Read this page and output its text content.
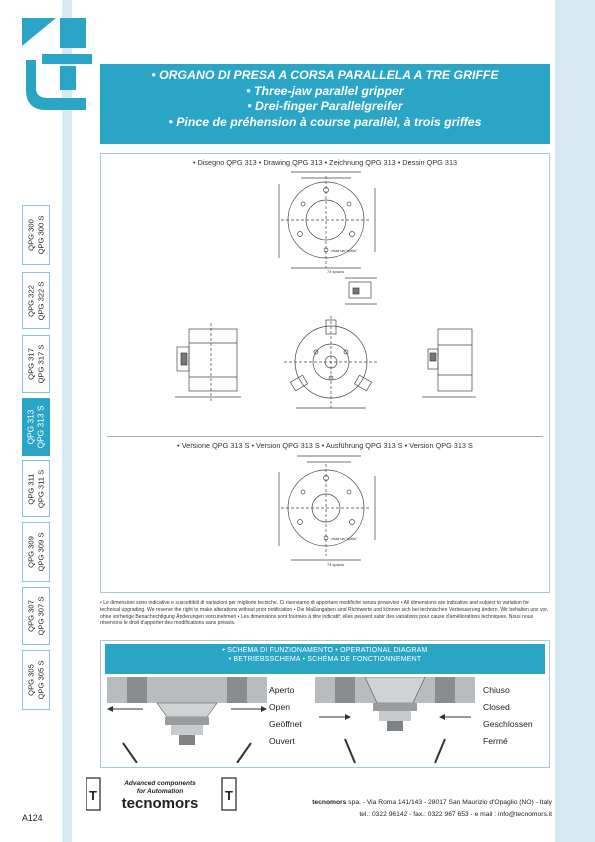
• ORGANO DI PRESA A CORSA PARALLELA A TRE GRIFFE
• Three-jaw parallel gripper
• Drei-finger Parallelgreifer
• Pince de préhension à course parallèl, à trois griffes
QPG 300 QPG 300 S
QPG 322 QPG 322 S
QPG 317 QPG 317 S
QPG 313 QPG 313 S
QPG 311 QPG 311 S
QPG 309 QPG 309 S
QPG 307 QPG 307 S
QPG 305 QPG 305 S
• Disegno QPG 313 • Drawing QPG 313 • Zeichnung QPG 313 • Dessin QPG 313
vista da "sotto"
74 spazio
• Versione QPG 313 S • Version QPG 313 S • Ausführung QPG 313 S • Version QPG 313 S
vista da "sotto"
74 spazio
• Le dimensioni sono indicative e suscettibili di variazioni per migliorie tecniche. Ci riserviamo di apportare modifiche senza preavviso • All dimensions are indicative and subject to variation for technical upgrading. We reserve the right to make alterations without prior notification • Die Maßangaben sind Richtwerte und können sich bei technischen Verbesserung ändern. Wir behalten uns vor, ohne vorherige Benachrichtigung Änderungen vorzunehmen • Les dimensions sont fournies à titre indicatif; elles peuvent subir des variations pour cause d'améliorations techniques. Nous nous réservons le droit d'apporter des modifications sans préavis.
• SCHEMA DI FUNZIONAMENTO • OPERATIONAL DIAGRAM
• BETRIEBSSCHEMA • SCHÉMA DE FONCTIONNEMENT
Aperto
Open
Geöffnet
Ouvert
Chiuso
Closed
Geschlossen
Fermé
T	T
Advanced components
for Automation
tecnomors	tecnomors spa. - Via Roma 141/143 - 28017 San Maurizio d'Opaglio (NO) - Italy
tel.: 0322 96142 - fax.: 0322 967 653 - e mail : info@tecnomors.it
A124
